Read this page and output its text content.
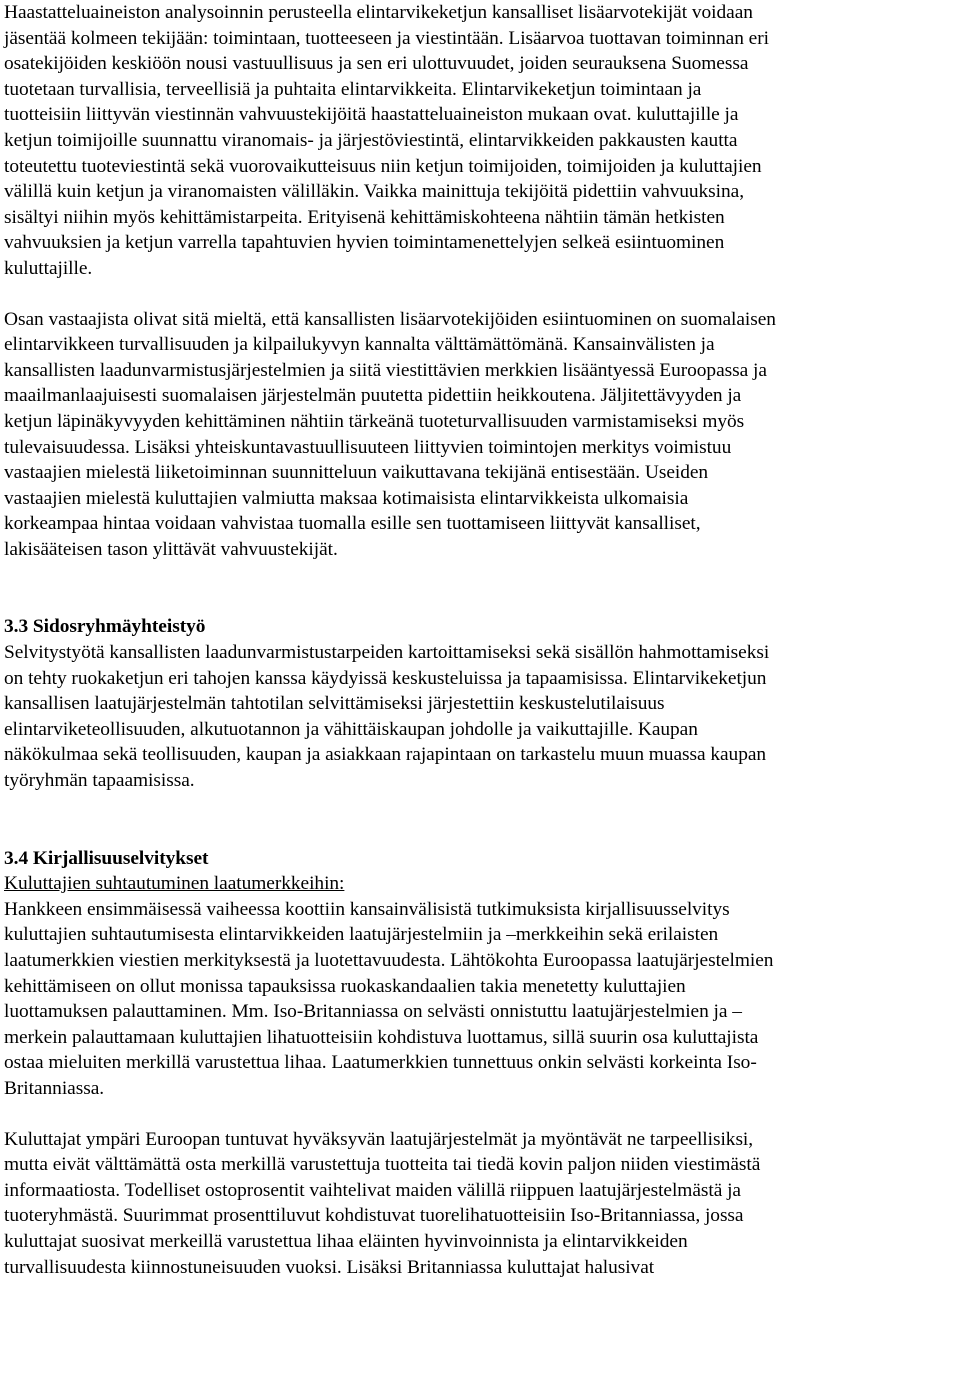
Haastatteluaineiston analysoinnin perusteella elintarvikeketjun kansalliset lisäarvotekijät voidaan
jäsentää kolmeen tekijään: toimintaan, tuotteeseen ja viestintään. Lisäarvoa tuottavan toiminnan eri
osatekijöiden keskiöön nousi vastuullisuus ja sen eri ulottuvuudet, joiden seurauksena Suomessa
tuotetaan turvallisia, terveellisiä ja puhtaita elintarvikkeita. Elintarvikeketjun toimintaan ja
tuotteisiin liittyvän viestinnän vahvuustekijöitä haastatteluaineiston mukaan ovat. kuluttajille ja
ketjun toimijoille suunnattu viranomais- ja järjestöviestintä, elintarvikkeiden pakkausten kautta
toteutettu tuoteviestintä sekä vuorovaikutteisuus niin ketjun toimijoiden, toimijoiden ja kuluttajien
välillä kuin ketjun ja viranomaisten välilläkin. Vaikka mainittuja tekijöitä pidettiin vahvuuksina,
sisältyi niihin myös kehittämistarpeita. Erityisenä kehittämiskohteena nähtiin tämän hetkisten
vahvuuksien ja ketjun varrella tapahtuvien hyvien toimintamenettelyjen selkeä esiintuominen
kuluttajille.
Osan vastaajista olivat sitä mieltä, että kansallisten lisäarvotekijöiden esiintuominen on suomalaisen
elintarvikkeen turvallisuuden ja kilpailukyvyn kannalta välttämättömänä. Kansainvälisten ja
kansallisten laadunvarmistusjärjestelmien ja siitä viestittävien merkkien lisääntyessä Euroopassa ja
maailmanlaajuisesti suomalaisen järjestelmän puutetta pidettiin heikkoutena. Jäljitettävyyden ja
ketjun läpinäkyvyyden kehittäminen nähtiin tärkeänä tuoteturvallisuuden varmistamiseksi myös
tulevaisuudessa. Lisäksi yhteiskuntavastuullisuuteen liittyvien toimintojen merkitys voimistuu
vastaajien mielestä liiketoiminnan suunnitteluun vaikuttavana tekijänä entisestään. Useiden
vastaajien mielestä kuluttajien valmiutta maksaa kotimaisista elintarvikkeista ulkomaisia
korkeampaa hintaa voidaan vahvistaa tuomalla esille sen tuottamiseen liittyvät kansalliset,
lakisääteisen tason ylittävät vahvuustekijät.
3.3 Sidosryhmäyhteistyö
Selvitystyötä kansallisten laadunvarmistustarpeiden kartoittamiseksi sekä sisällön hahmottamiseksi
on tehty ruokaketjun eri tahojen kanssa käydyissä keskusteluissa ja tapaamisissa. Elintarvikeketjun
kansallisen laatujärjestelmän tahtotilan selvittämiseksi järjestettiin keskustelutilaisuus
elintarviketeollisuuden, alkutuotannon ja vähittäiskaupan johdolle ja vaikuttajille. Kaupan
näkökulmaa sekä teollisuuden, kaupan ja asiakkaan rajapintaan on tarkastelu muun muassa kaupan
työryhmän tapaamisissa.
3.4 Kirjallisuuselvitykset
Kuluttajien suhtautuminen laatumerkkeihin:
Hankkeen ensimmäisessä vaiheessa koottiin kansainvälisistä tutkimuksista kirjallisuusselvitys
kuluttajien suhtautumisesta elintarvikkeiden laatujärjestelmiin ja –merkkeihin sekä erilaisten
laatumerkkien viestien merkityksestä ja luotettavuudesta. Lähtökohta Euroopassa laatujärjestelmien
kehittämiseen on ollut monissa tapauksissa ruokaskandaalien takia menetetty kuluttajien
luottamuksen palauttaminen. Mm. Iso-Britanniassa on selvästi onnistuttu laatujärjestelmien ja –
merkein palauttamaan kuluttajien lihatuotteisiin kohdistuva luottamus, sillä suurin osa kuluttajista
ostaa mieluiten merkillä varustettua lihaa. Laatumerkkien tunnettuus onkin selvästi korkeinta Iso-
Britanniassa.
Kuluttajat ympäri Euroopan tuntuvat hyväksyvän laatujärjestelmät ja myöntävät ne tarpeellisiksi,
mutta eivät välttämättä osta merkillä varustettuja tuotteita tai tiedä kovin paljon niiden viestimästä
informaatiosta. Todelliset ostoprosentit vaihtelivat maiden välillä riippuen laatujärjestelmästä ja
tuoteryhmästä. Suurimmat prosenttiluvut kohdistuvat tuorelihatuotteisiin Iso-Britanniassa, jossa
kuluttajat suosivat merkeillä varustettua lihaa eläinten hyvinvoinnista ja elintarvikkeiden
turvallisuudesta kiinnostuneisuuden vuoksi. Lisäksi Britanniassa kuluttajat halusivat
